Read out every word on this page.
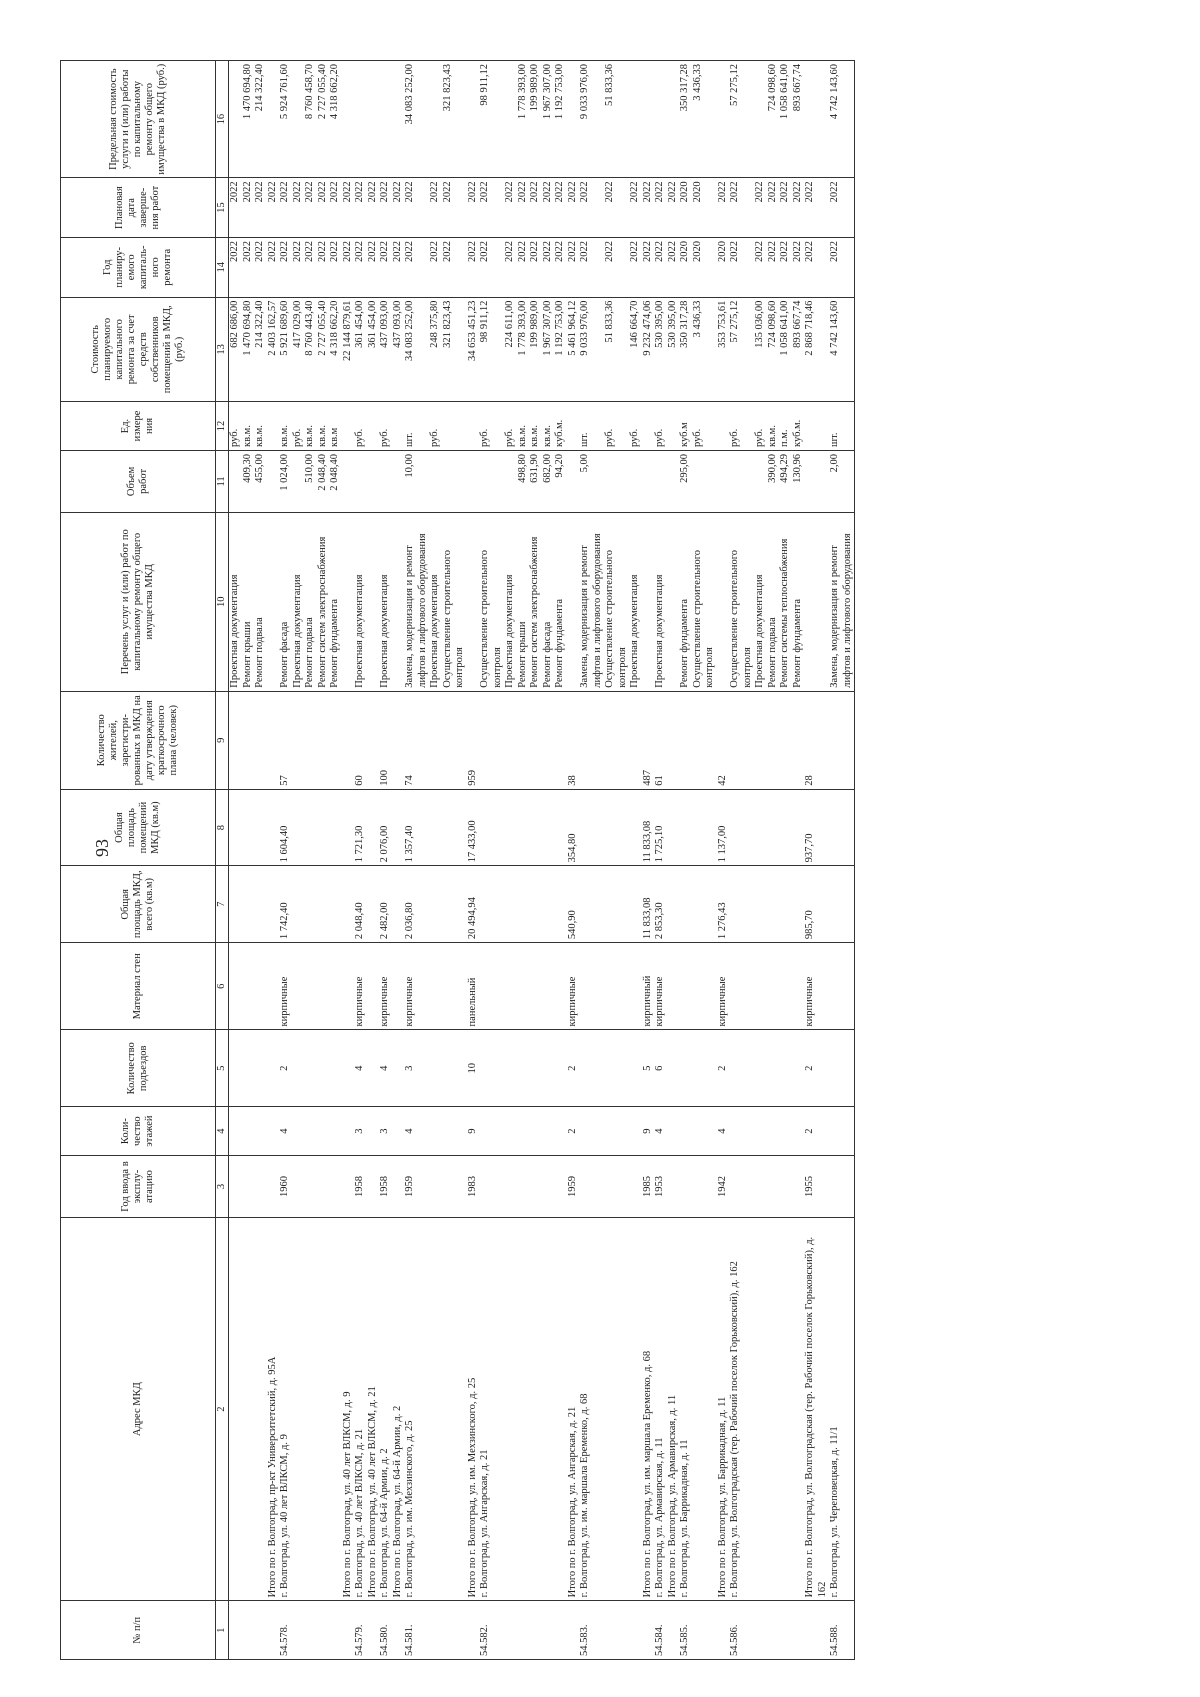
93
№ п/п	Адрес МКД	Год ввода в эксплу-атацию	Коли-чество этажей	Количество подъездов	Материал стен	Общая площадь МКД, всего (кв.м)	Общая площадь помещений МКД (кв.м)	Количество жителей, зарегистри-рованных в МКД на дату утверждения краткосрочного плана (человек)	Перечень услуг и (или) работ по капитальному ремонту общего имущества МКД	Объем работ	Ед. измере ния	Стоимость планируемого капитального ремонта за счет средств собственников помещений в МКД, (руб.)	Год планиру-емого капиталь-ного ремонта	Плановая дата заверше-ния работ	Предельная стоимость услуги и (или) работы по капитальному ремонту общего имущества в МКД (руб.)
1	2	3	4	5	6	7	8	9	10	11	12	13	14	15	16
									Проектная документация		руб.	682 686,00	2022	2022	
									Ремонт крыши	409,30	кв.м.	1 470 694,80	2022	2022	1 470 694,80
									Ремонт подвала	455,00	кв.м.	214 322,40	2022	2022	214 322,40
	Итого по г. Волгоград, пр-кт Университетский, д. 95А											2 403 162,57	2022	2022	
54.578.	г. Волгоград, ул. 40 лет ВЛКСМ, д. 9	1960	4	2	кирпичные	1 742,40	1 604,40	57	Ремонт фасада	1 024,00	кв.м.	5 921 689,60	2022	2022	5 924 761,60
									Проектная документация		руб.	417 029,00	2022	2022	
									Ремонт подвала	510,00	кв.м.	8 760 443,40	2022	2022	8 760 458,70
									Ремонт систем электроснабжения	2 048,40	кв.м.	2 727 055,40	2022	2022	2 727 055,40
									Ремонт фундамента	2 048,40	кв.м	4 318 662,20	2022	2022	4 318 662,20
	Итого по г. Волгоград, ул. 40 лет ВЛКСМ, д. 9											22 144 879,61	2022	2022	
54.579.	г. Волгоград, ул. 40 лет ВЛКСМ, д. 21	1958	3	4	кирпичные	2 048,40	1 721,30	60	Проектная документация		руб.	361 454,00	2022	2022	
	Итого по г. Волгоград, ул. 40 лет ВЛКСМ, д. 21											361 454,00	2022	2022	
54.580.	г. Волгоград, ул. 64-й Армии, д. 2	1958	3	4	кирпичные	2 482,00	2 076,00	100	Проектная документация		руб.	437 093,00	2022	2022	
	Итого по г. Волгоград, ул. 64-й Армии, д. 2											437 093,00	2022	2022	
54.581.	г. Волгоград, ул. им. Мехзинского, д. 25	1959	4	3	кирпичные	2 036,80	1 357,40	74	Замена, модернизация и ремонт лифтов и лифтового оборудования	10,00	шт.	34 083 252,00	2022	2022	34 083 252,00
									Проектная документация		руб.	248 375,80	2022	2022	
									Осуществление строительного контроля			321 823,43	2022	2022	321 823,43
	Итого по г. Волгоград, ул. им. Мехзинского, д. 25	1983	9	10	панельный	20 494,94	17 433,00	959				34 653 451,23	2022	2022	
54.582.	г. Волгоград, ул. Ангарская, д. 21								Осуществление строительного контроля		руб.	98 911,12	2022	2022	98 911,12
									Проектная документация		руб.	224 611,00	2022	2022	
									Ремонт крыши	498,80	кв.м.	1 778 393,00	2022	2022	1 778 393,00
									Ремонт систем электроснабжения	631,90	кв.м.	199 989,00	2022	2022	199 989,00
									Ремонт фасада	682,00	кв.м.	1 967 307,00	2022	2022	1 967 307,00
									Ремонт фундамента	94,20	куб.м.	1 192 753,00	2022	2022	1 192 753,00
	Итого по г. Волгоград, ул. Ангарская, д. 21	1959	2	2	кирпичные	540,90	354,80	38				5 461 964,12	2022	2022	
54.583.	г. Волгоград, ул. им. маршала Еременко, д. 68								Замена, модернизация и ремонт лифтов и лифтового оборудования	5,00	шт.	9 033 976,00	2022	2022	9 033 976,00
									Осуществление строительного контроля		руб.	51 833,36	2022	2022	51 833,36
									Проектная документация		руб.	146 664,70	2022	2022	
	Итого по г. Волгоград, ул. им. маршала Еременко, д. 68	1985	9	5	кирпичный	11 833,08	11 833,08	487				9 232 474,06	2022	2022	
54.584.	г. Волгоград, ул. Армавирская, д. 11	1953	4	6	кирпичные	2 853,30	1 725,10	61	Проектная документация		руб.	530 395,00	2022	2022	
	Итого по г. Волгоград, ул. Армавирская, д. 11											530 395,00	2022	2022	
54.585.	г. Волгоград, ул. Баррикадная, д. 11								Ремонт фундамента	295,00	куб.м	350 317,28	2020	2020	350 317,28
									Осуществление строительного контроля		руб.	3 436,33	2020	2020	3 436,33
	Итого по г. Волгоград, ул. Баррикадная, д. 11	1942	4	2	кирпичные	1 276,43	1 137,00	42				353 753,61	2020	2022	
54.586.	г. Волгоград, ул. Волгоградская (тер. Рабочий поселок Горьковский), д. 162								Осуществление строительного контроля		руб.	57 275,12	2022	2022	57 275,12
									Проектная документация		руб.	135 036,00	2022	2022	
									Ремонт подвала	390,00	кв.м.	724 098,60	2022	2022	724 098,60
									Ремонт системы теплоснабжения	494,29	п.м.	1 058 641,00	2022	2022	1 058 641,00
									Ремонт фундамента	130,96	куб.м.	893 667,74	2022	2022	893 667,74
	Итого по г. Волгоград, ул. Волгоградская (тер. Рабочий поселок Горьковский), д. 162	1955	2	2	кирпичные	985,70	937,70	28				2 868 718,46	2022	2022	
54.588.	г. Волгоград, ул. Череповецкая, д. 11/1								Замена, модернизация и ремонт лифтов и лифтового оборудования	2,00	шт.	4 742 143,60	2022	2022	4 742 143,60
